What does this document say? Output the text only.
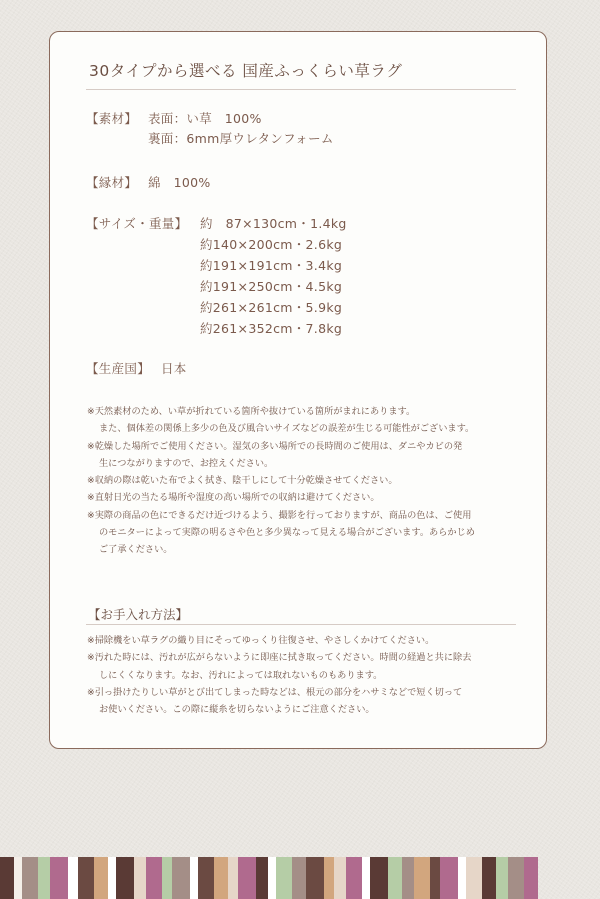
30タイプから選べる 国産ふっくらい草ラグ
【素材】 表面：い草　100%
裏面：6mm厚ウレタンフォーム
【縁材】 綿　100%
【サイズ・重量】 約　87×130cm・1.4kg
約140×200cm・2.6kg
約191×191cm・3.4kg
約191×250cm・4.5kg
約261×261cm・5.9kg
約261×352cm・7.8kg
【生産国】 日本
※天然素材のため、い草が折れている箇所や抜けている箇所がまれにあります。
また、個体差の関係上多少の色及び風合いサイズなどの誤差が生じる可能性がございます。
※乾燥した場所でご使用ください。湿気の多い場所での長時間のご使用は、ダニやカビの発
生につながりますので、お控えください。
※収納の際は乾いた布でよく拭き、陰干しにして十分乾燥させてください。
※直射日光の当たる場所や湿度の高い場所での収納は避けてください。
※実際の商品の色にできるだけ近づけるよう、撮影を行っておりますが、商品の色は、ご使用
のモニターによって実際の明るさや色と多少異なって見える場合がございます。あらかじめ
ご了承ください。
【お手入れ方法】
※掃除機をい草ラグの織り目にそってゆっくり往復させ、やさしくかけてください。
※汚れた時には、汚れが広がらないように即座に拭き取ってください。時間の経過と共に除去
しにくくなります。なお、汚れによっては取れないものもあります。
※引っ掛けたりしい草がとび出てしまった時などは、根元の部分をハサミなどで短く切って
お使いください。この際に縦糸を切らないようにご注意ください。
